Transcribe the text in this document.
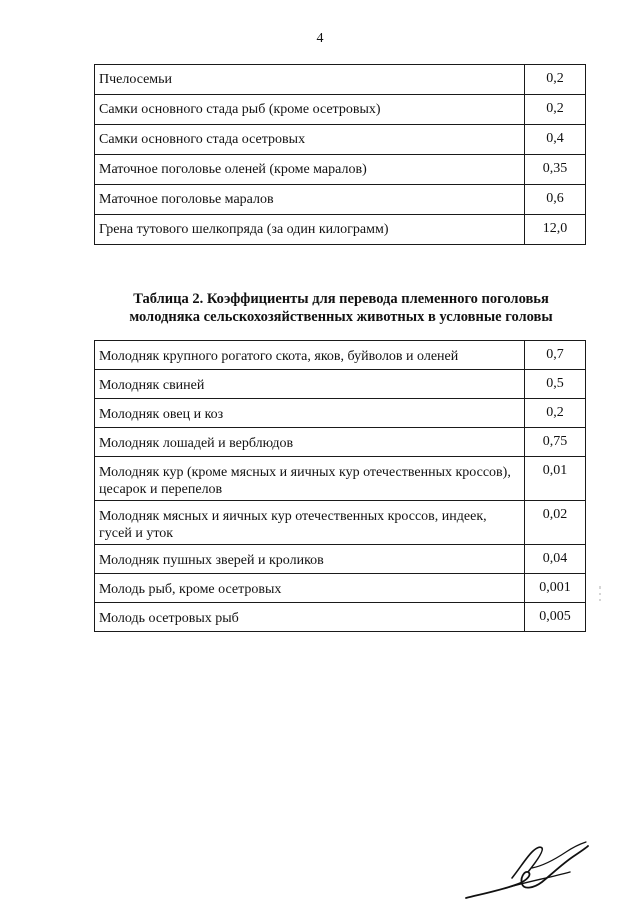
4
Пчелосемьи	0,2
Самки основного стада рыб (кроме осетровых)	0,2
Самки основного стада осетровых	0,4
Маточное поголовье оленей (кроме маралов)	0,35
Маточное поголовье маралов	0,6
Грена тутового шелкопряда (за один килограмм)	12,0
Таблица 2. Коэффициенты для перевода племенного поголовья
молодняка сельскохозяйственных животных в условные головы
Молодняк крупного рогатого скота, яков, буйволов и оленей	0,7
Молодняк свиней	0,5
Молодняк овец и коз	0,2
Молодняк лошадей и верблюдов	0,75
Молодняк кур (кроме мясных и яичных кур отечественных кроссов), цесарок и перепелов	0,01
Молодняк мясных и яичных кур отечественных кроссов, индеек, гусей и уток	0,02
Молодняк пушных зверей и кроликов	0,04
Молодь рыб, кроме осетровых	0,001
Молодь осетровых рыб	0,005
